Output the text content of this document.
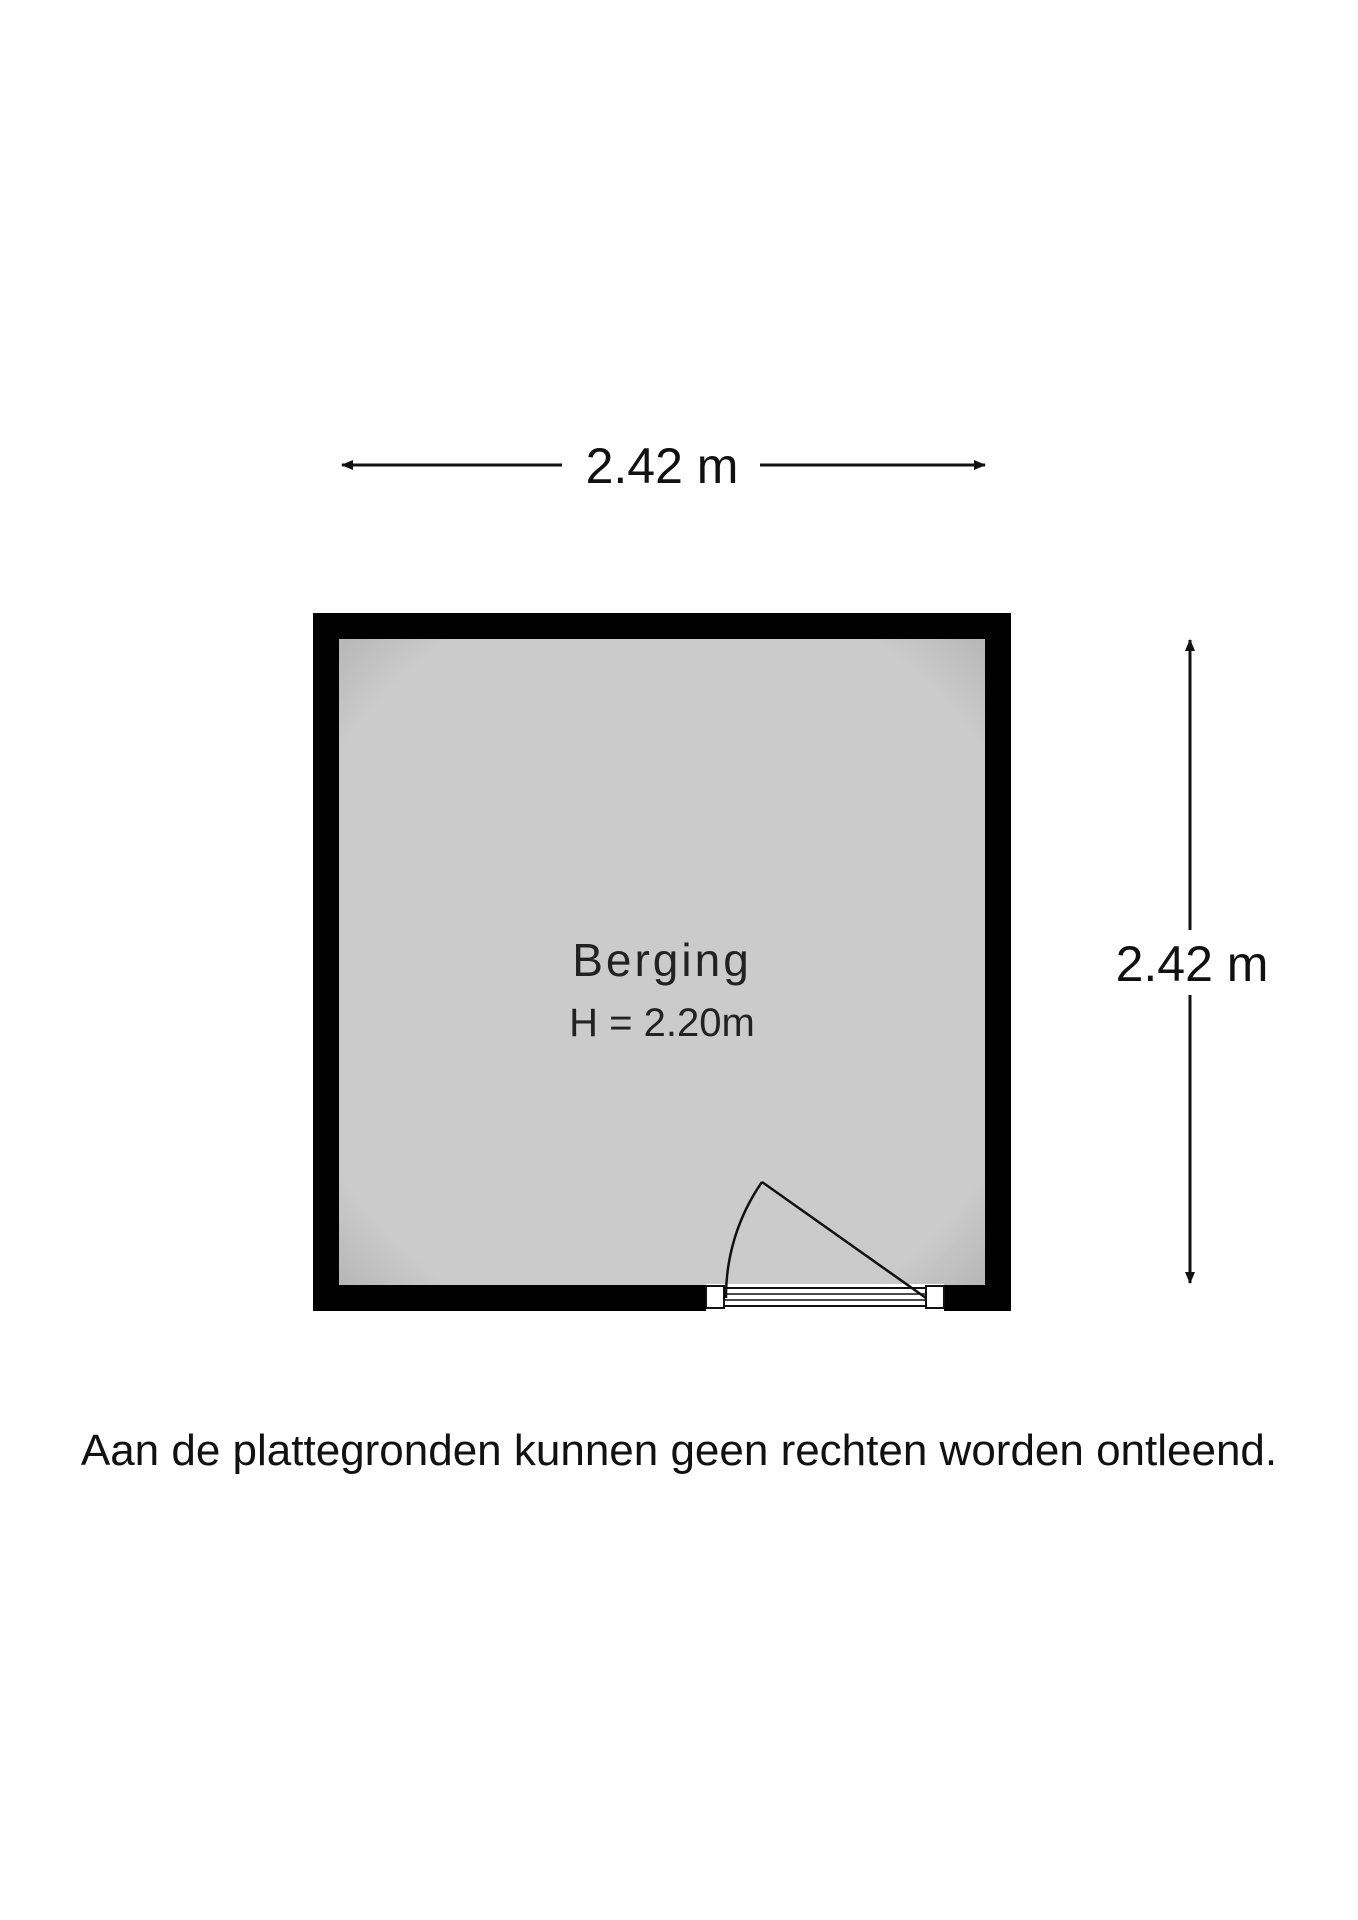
2.42 m
2.42 m
Berging
H = 2.20m
Aan de plattegronden kunnen geen rechten worden ontleend.
